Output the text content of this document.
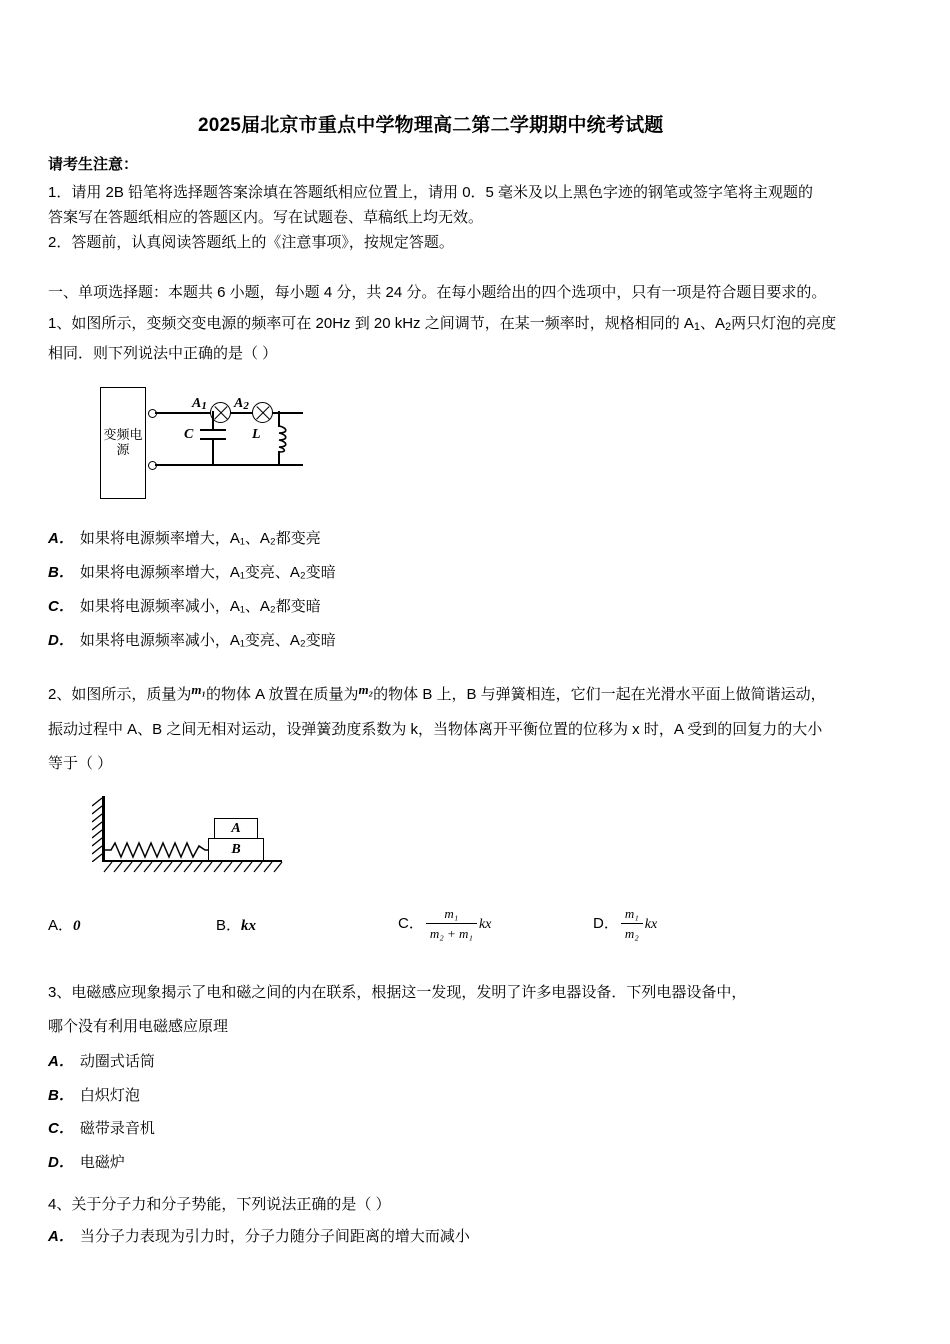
2025届北京市重点中学物理高二第二学期期中统考试题

请考生注意：

1．请用 2B 铅笔将选择题答案涂填在答题纸相应位置上，请用 0．5 毫米及以上黑色字迹的钢笔或签字笔将主观题的

答案写在答题纸相应的答题区内。写在试题卷、草稿纸上均无效。

2．答题前，认真阅读答题纸上的《注意事项》，按规定答题。

一、单项选择题：本题共 6 小题，每小题 4 分，共 24 分。在每小题给出的四个选项中，只有一项是符合题目要求的。

1、如图所示，变频交变电源的频率可在 20Hz 到 20 kHz 之间调节，在某一频率时，规格相同的 A1、A2两只灯泡的亮度

相同．则下列说法中正确的是（ ）

变频电源
A1 A2
C	L

A． 如果将电源频率增大，A₁、A₂都变亮

B． 如果将电源频率增大，A₁变亮、A₂变暗

C． 如果将电源频率减小，A₁、A₂都变暗

D． 如果将电源频率减小，A₁变亮、A₂变暗

2、如图所示，质量为m₁的物体 A 放置在质量为m₂的物体 B 上，B 与弹簧相连，它们一起在光滑水平面上做简谐运动，

振动过程中 A、B 之间无相对运动，设弹簧劲度系数为 k，当物体离开平衡位置的位移为 x 时，A 受到的回复力的大小

等于（ ）

A
B
A．0	B．kx	C． $\frac{\text{m₁}}{\text{m₂ + m₁}}$ kx	D． $\frac{\text{m₁}}{\text{m₂}}$ kx

3、电磁感应现象揭示了电和磁之间的内在联系，根据这一发现，发明了许多电器设备．下列电器设备中，

哪个没有利用电磁感应原理

A． 动圈式话筒

B． 白炽灯泡

C． 磁带录音机

D． 电磁炉

4、关于分子力和分子势能，下列说法正确的是（ ）

A． 当分子力表现为引力时，分子力随分子间距离的增大而减小
